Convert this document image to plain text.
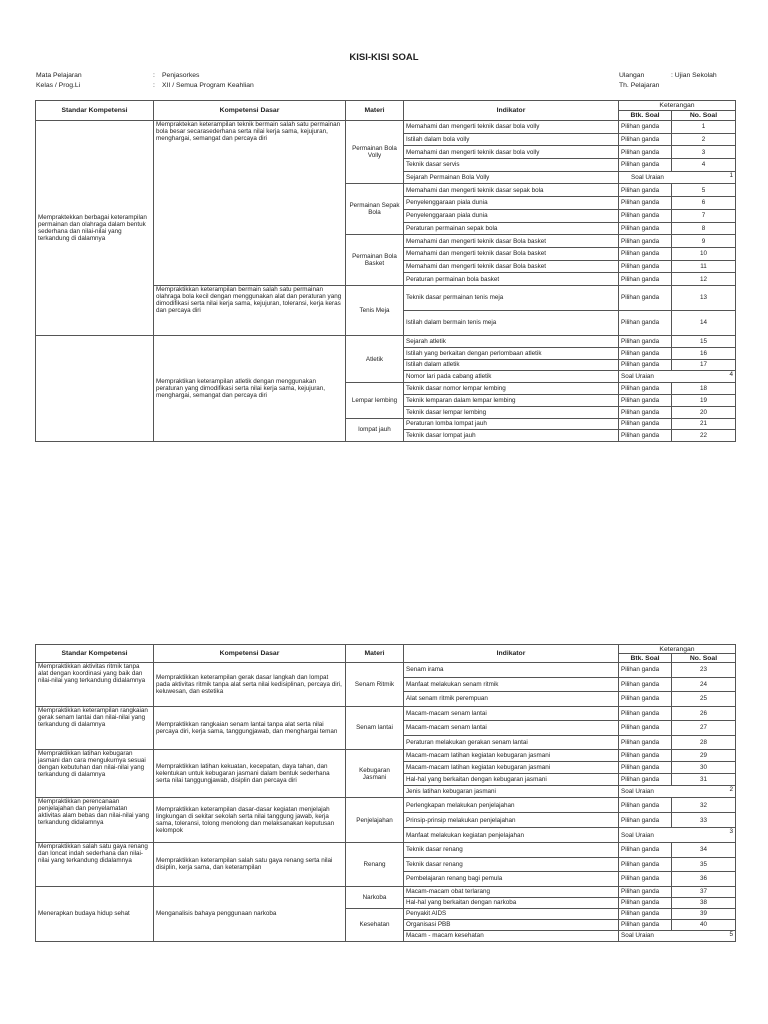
KISI-KISI SOAL
Mata Pelajaran
Kelas / Prog.Li
:
:
Penjasorkes
XII / Semua Program Keahlian
Ulangan
Th. Pelajaran
: Ujian Sekolah
Standar Kompetensi	Kompetensi Dasar	Materi	Indikator	Keterangan	
				Btk. Soal	No. Soal
Mempraktekkan berbagai keterampilan permainan dan olahraga dalam bentuk sederhana dan nilai-nilai yang terkandung di dalamnya	Mempraktekan keterampilan teknik bermain salah satu permainan bola besar secarasederhana serta nilai kerja sama, kejujuran, menghargai, semangat dan percaya diri	Permainan Bola Volly	Memahami dan mengerti teknik dasar bola volly	Pilihan ganda	1
			Istilah dalam bola volly	Pilihan ganda	2
			Memahami dan mengerti teknik dasar bola volly	Pilihan ganda	3
			Teknik dasar servis	Pilihan ganda	4
			Sejarah Permainan Bola Volly	Soal Uraian 1	

		Permainan Sepak Bola	Memahami dan mengerti teknik dasar sepak bola	Pilihan ganda	5
			Penyelenggaraan piala dunia	Pilihan ganda	6
			Penyelenggaraan piala dunia	Pilihan ganda	7
			Peraturan permainan sepak bola	Pilihan ganda	8
		Permainan Bola Basket	Memahami dan mengerti teknik dasar Bola basket	Pilihan ganda	9
			Memahami dan mengerti teknik dasar Bola basket	Pilihan ganda	10
			Memahami dan mengerti teknik dasar Bola basket	Pilihan ganda	11
			Peraturan permainan bola basket	Pilihan ganda	12
	Mempraktikkan keterampilan bermain salah satu permainan olahraga bola kecil dengan menggunakan alat dan peraturan yang dimodifikasi serta nilai kerja sama, kejujuran, toleransi, kerja keras dan percaya diri	Tenis Meja	Teknik dasar permainan tenis meja	Pilihan ganda	13
			Istilah dalam bermain tenis meja	Pilihan ganda	14
	Mempraktikan keterampilan atletik dengan menggunakan peraturan yang dimodifikasi serta nilai kerja sama, kejujuran, menghargai, semangat dan percaya diri	Atletik	Sejarah atletik	Pilihan ganda	15
			Istilah yang berkaitan dengan perlombaan atletik	Pilihan ganda	16
			Istilah dalam atletik	Pilihan ganda	17
			Nomor lari pada cabang atletik	Soal Uraian 4	

		Lempar lembing	Teknik dasar nomor lempar lembing	Pilihan ganda	18
			Teknik lemparan dalam lempar lembing	Pilihan ganda	19
			Teknik dasar lempar lembing	Pilihan ganda	20
		lompat jauh	Peraturan lomba lompat jauh	Pilihan ganda	21
			Teknik dasar lompat jauh	Pilihan ganda	22
Standar Kompetensi	Kompetensi Dasar	Materi	Indikator	Keterangan	
				Btk. Soal	No. Soal
Mempraktikkan aktivitas ritmik tanpa alat dengan koordinasi yang baik dan nilai-nilai yang terkandung didalamnya	Mempraktikkan keterampilan gerak dasar langkah dan lompat pada aktivitas ritmik tanpa alat serta nilai kedisiplinan, percaya diri, keluwesan, dan estetika	Senam Ritmik	Senam irama	Pilihan ganda	23
			Manfaat melakukan senam ritmik	Pilihan ganda	24
			Alat senam ritmik perempuan	Pilihan ganda	25
Mempraktikkan keterampilan rangkaian gerak senam lantai dan nilai-nilai yang terkandung di dalamnya	Mempraktikkan rangkaian senam lantai tanpa alat serta nilai percaya diri, kerja sama, tanggungjawab, dan menghargai teman	Senam lantai	Macam-macam senam lantai	Pilihan ganda	26
			Macam-macam senam lantai	Pilihan ganda	27
			Peraturan melakukan gerakan senam lantai	Pilihan ganda	28
Mempraktikkan latihan kebugaran jasmani dan cara mengukurnya sesuai dengan kebutuhan dan nilai-nilai yang terkandung di dalamnya	Mempraktikkan latihan kekuatan, kecepatan, daya tahan, dan kelentukan untuk kebugaran jasmani dalam bentuk sederhana serta nilai tanggungjawab, disiplin dan percaya diri	Kebugaran Jasmani	Macam-macam latihan kegiatan kebugaran jasmani	Pilihan ganda	29
			Macam-macam latihan kegiatan kebugaran jasmani	Pilihan ganda	30
			Hal-hal yang berkaitan dengan kebugaran jasmani	Pilihan ganda	31
			Jenis latihan kebugaran jasmani	Soal Uraian 2	

Mempraktikkan perencanaan penjelajahan dan penyelamatan aktivitas alam bebas dan nilai-nilai yang terkandung didalamnya	Mempraktikkan keterampilan dasar-dasar kegiatan menjelajah lingkungan di sekitar sekolah serta nilai tanggung jawab, kerja sama, toleransi, tolong menolong dan melaksanakan keputusan kelompok	Penjelajahan	Perlengkapan melakukan penjelajahan	Pilihan ganda	32
			Prinsip-prinsip melakukan penjelajahan	Pilihan ganda	33
			Manfaat melakukan kegiatan penjelajahan	Soal Uraian 3	

Mempraktikkan salah satu gaya renang dan loncat indah sederhana dan nilai-nilai yang terkandung didalamnya	Mempraktikkan keterampilan salah satu gaya renang serta nilai disiplin, kerja sama, dan keterampilan	Renang	Teknik dasar renang	Pilihan ganda	34
			Teknik dasar renang	Pilihan ganda	35
			Pembelajaran renang bagi pemula	Pilihan ganda	36
Menerapkan budaya hidup sehat	Menganalisis bahaya penggunaan narkoba	Narkoba	Macam-macam obat terlarang	Pilihan ganda	37
			Hal-hal yang berkaitan dengan narkoba	Pilihan ganda	38
		Kesehatan	Penyakit AIDS	Pilihan ganda	39
			Organisasi PBB	Pilihan ganda	40
			Macam - macam kesehatan	Soal Uraian 5	
